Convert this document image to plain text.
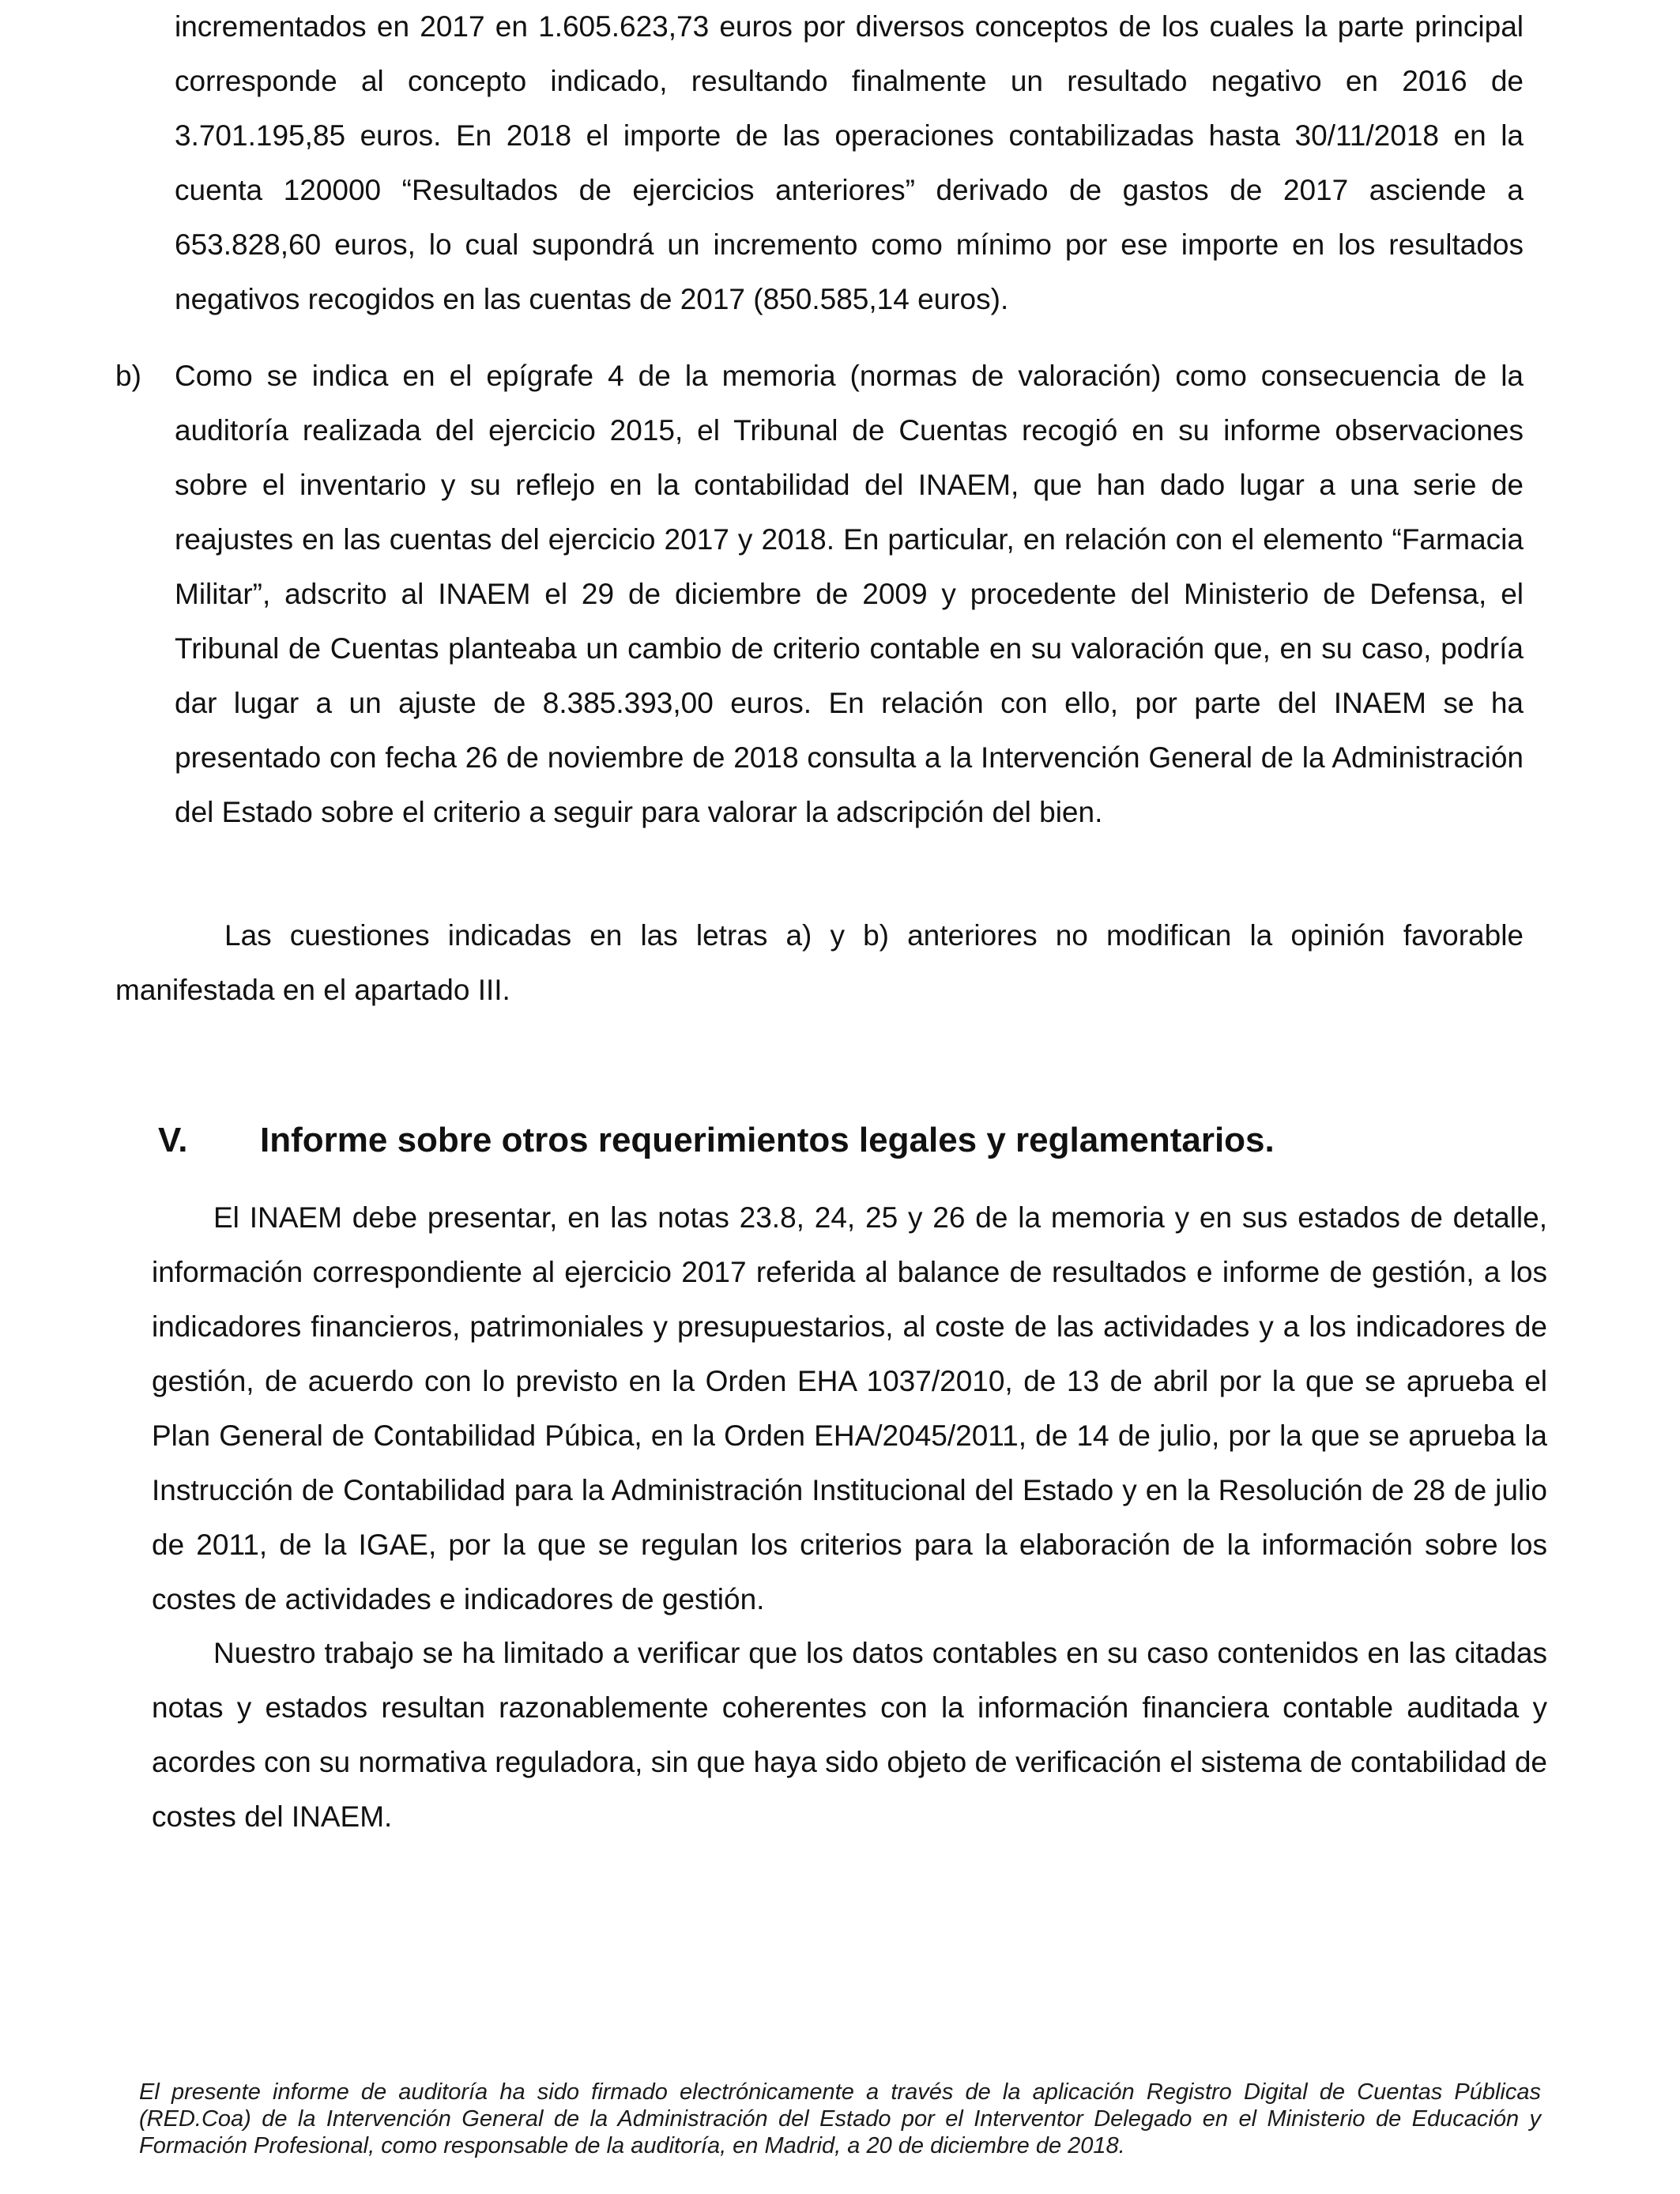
incrementados en 2017 en 1.605.623,73 euros por diversos conceptos de los cuales la parte principal corresponde al concepto indicado, resultando finalmente un resultado negativo en 2016 de 3.701.195,85 euros. En 2018 el importe de las operaciones contabilizadas hasta 30/11/2018 en la cuenta 120000 “Resultados de ejercicios anteriores” derivado de gastos de 2017 asciende a 653.828,60 euros, lo cual supondrá un incremento como mínimo por ese importe en los resultados negativos recogidos en las cuentas de 2017 (850.585,14 euros).

b) Como se indica en el epígrafe 4 de la memoria (normas de valoración) como consecuencia de la auditoría realizada del ejercicio 2015, el Tribunal de Cuentas recogió en su informe observaciones sobre el inventario y su reflejo en la contabilidad del INAEM, que han dado lugar a una serie de reajustes en las cuentas del ejercicio 2017 y 2018. En particular, en relación con el elemento “Farmacia Militar”, adscrito al INAEM el 29 de diciembre de 2009 y procedente del Ministerio de Defensa, el Tribunal de Cuentas planteaba un cambio de criterio contable en su valoración que, en su caso, podría dar lugar a un ajuste de 8.385.393,00 euros. En relación con ello, por parte del INAEM se ha presentado con fecha 26 de noviembre de 2018 consulta a la Intervención General de la Administración del Estado sobre el criterio a seguir para valorar la adscripción del bien.

Las cuestiones indicadas en las letras a) y b) anteriores no modifican la opinión favorable manifestada en el apartado III.

V. Informe sobre otros requerimientos legales y reglamentarios.

El INAEM debe presentar, en las notas 23.8, 24, 25 y 26 de la memoria y en sus estados de detalle, información correspondiente al ejercicio 2017 referida al balance de resultados e informe de gestión, a los indicadores financieros, patrimoniales y presupuestarios, al coste de las actividades y a los indicadores de gestión, de acuerdo con lo previsto en la Orden EHA 1037/2010, de 13 de abril por la que se aprueba el Plan General de Contabilidad Púbica, en la Orden EHA/2045/2011, de 14 de julio, por la que se aprueba la Instrucción de Contabilidad para la Administración Institucional del Estado y en la Resolución de 28 de julio de 2011, de la IGAE, por la que se regulan los criterios para la elaboración de la información sobre los costes de actividades e indicadores de gestión.

Nuestro trabajo se ha limitado a verificar que los datos contables en su caso contenidos en las citadas notas y estados resultan razonablemente coherentes con la información financiera contable auditada y acordes con su normativa reguladora, sin que haya sido objeto de verificación el sistema de contabilidad de costes del INAEM.

El presente informe de auditoría ha sido firmado electrónicamente a través de la aplicación Registro Digital de Cuentas Públicas (RED.Coa) de la Intervención General de la Administración del Estado por el Interventor Delegado en el Ministerio de Educación y Formación Profesional, como responsable de la auditoría, en Madrid, a 20 de diciembre de 2018.
